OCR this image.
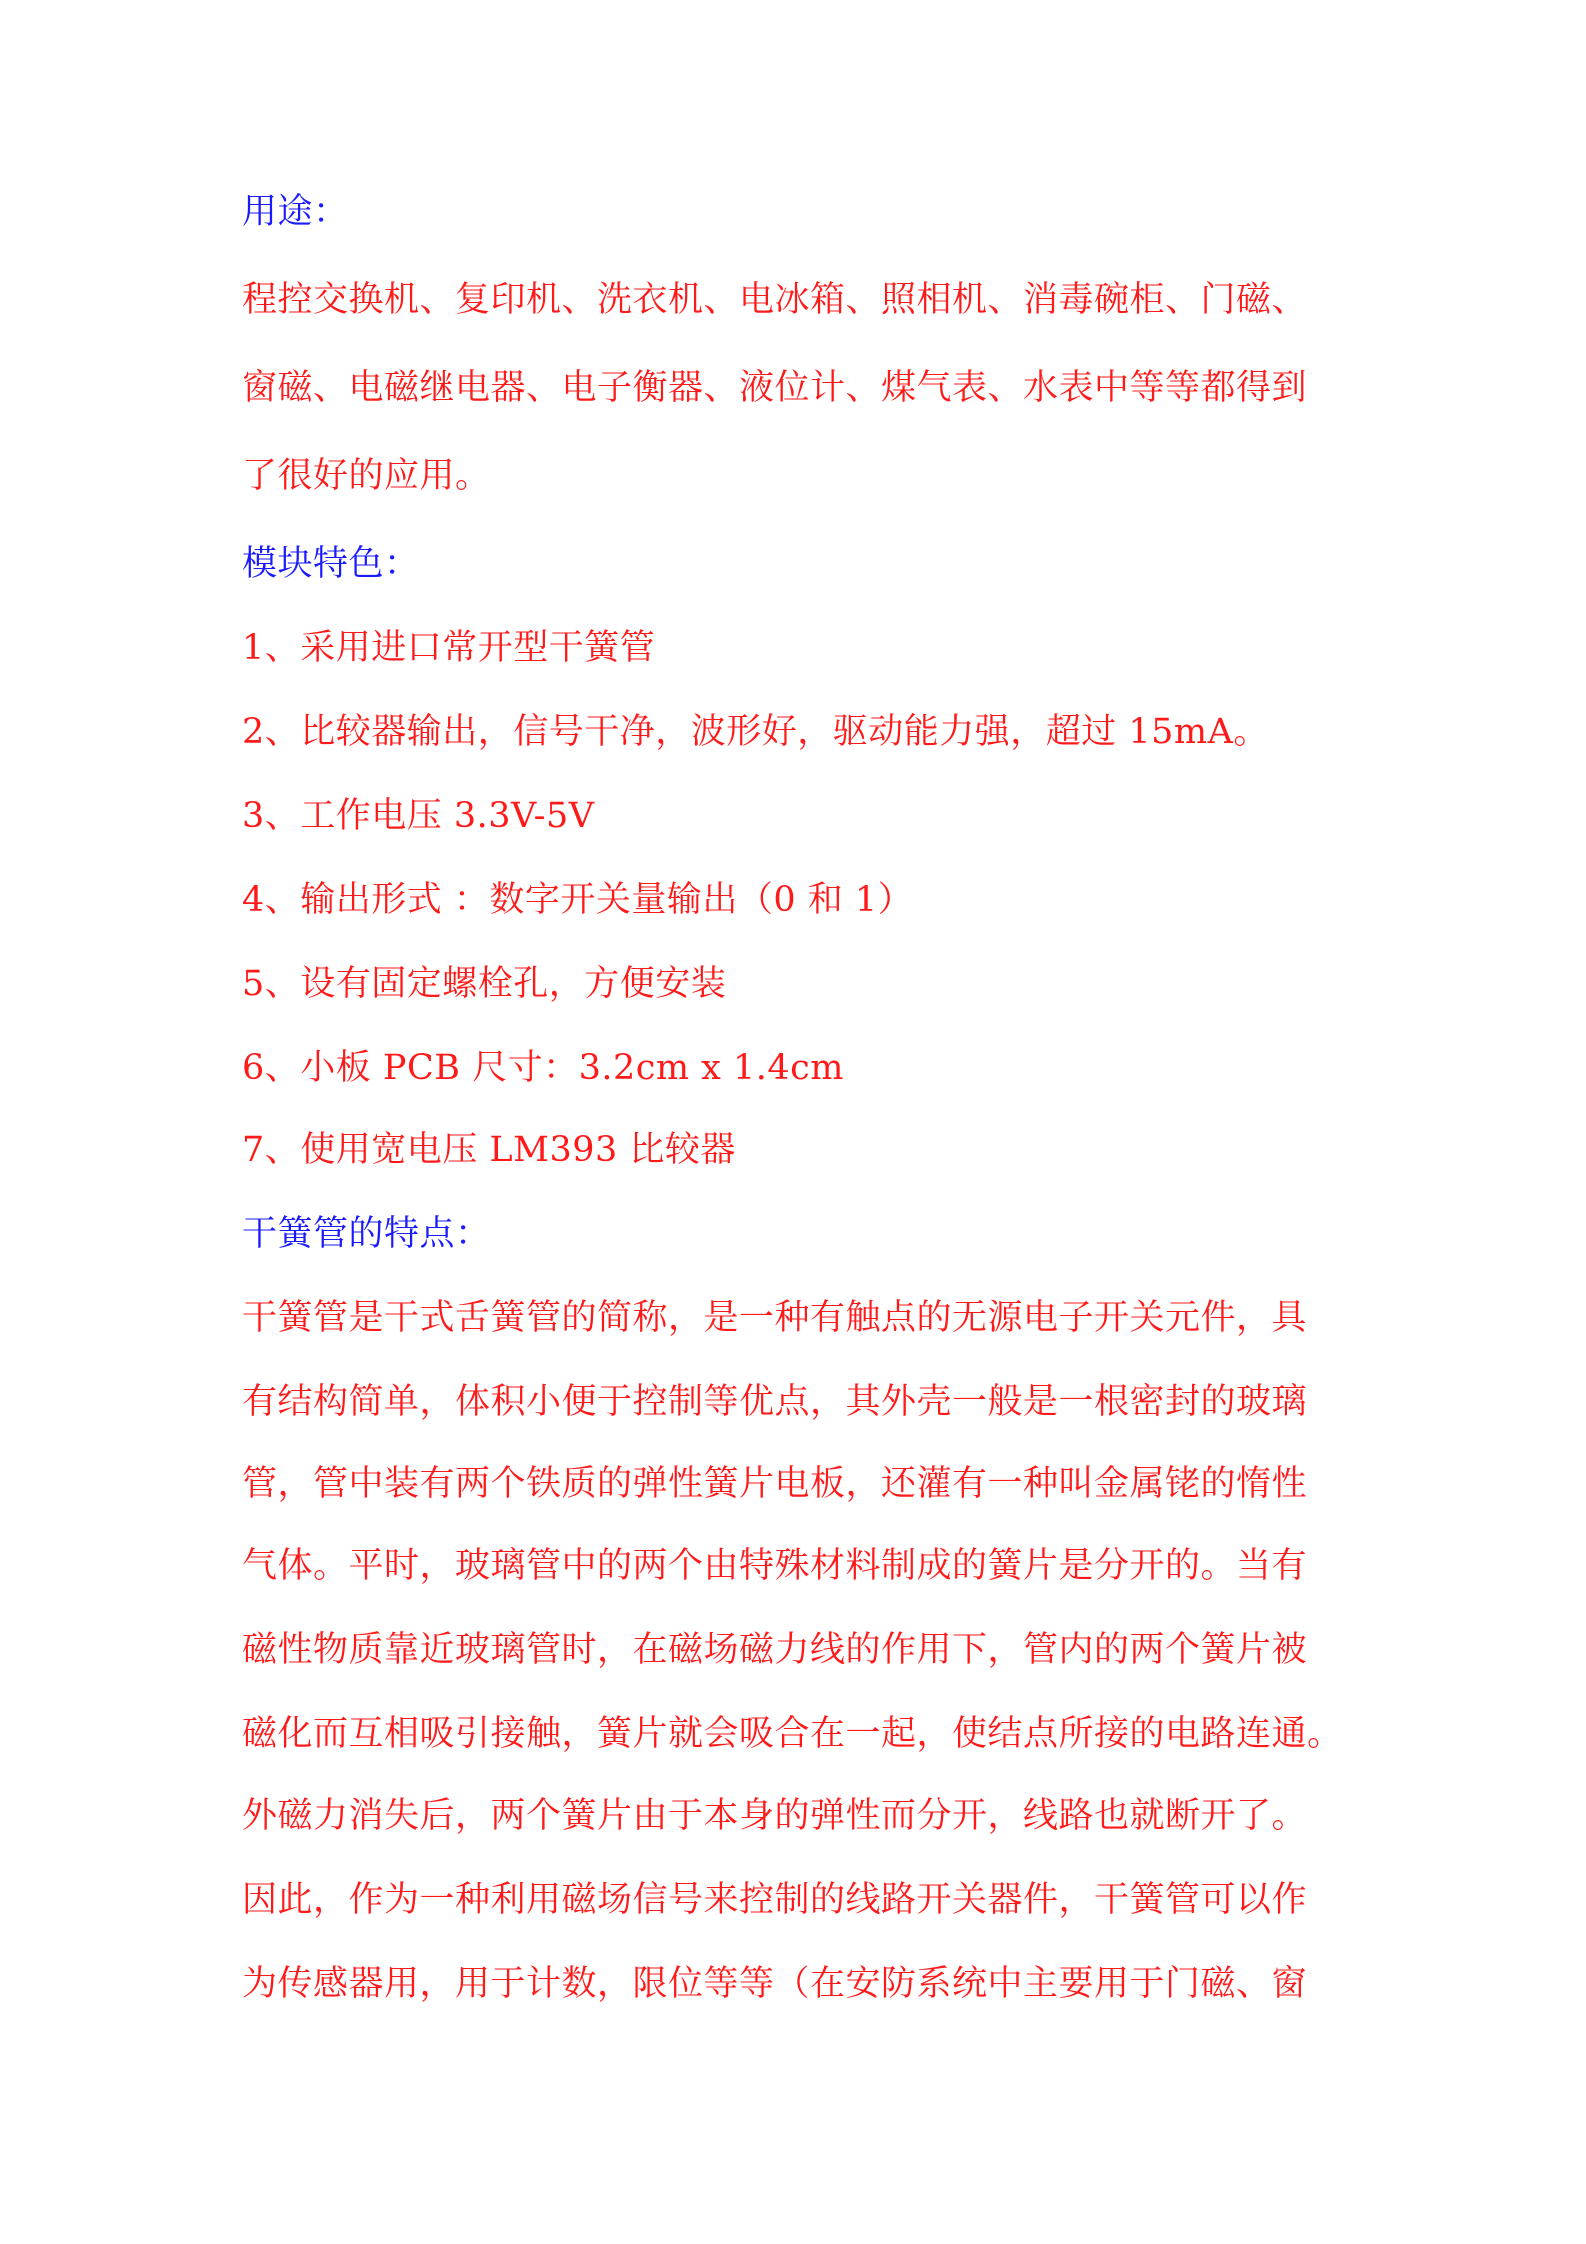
用途：
程控交换机、复印机、洗衣机、电冰箱、照相机、消毒碗柜、门磁、
窗磁、电磁继电器、电子衡器、液位计、煤气表、水表中等等都得到
了很好的应用。
模块特色：
1、采用进口常开型干簧管
2、比较器输出，信号干净，波形好，驱动能力强，超过 15mA。
3、工作电压 3.3V-5V
4、输出形式 ：数字开关量输出（0 和 1）
5、设有固定螺栓孔，方便安装
6、小板 PCB 尺寸：3.2cm x 1.4cm
7、使用宽电压 LM393 比较器
干簧管的特点：
干簧管是干式舌簧管的简称，是一种有触点的无源电子开关元件，具
有结构简单，体积小便于控制等优点，其外壳一般是一根密封的玻璃
管，管中装有两个铁质的弹性簧片电板，还灌有一种叫金属铑的惰性
气体。平时，玻璃管中的两个由特殊材料制成的簧片是分开的。当有
磁性物质靠近玻璃管时，在磁场磁力线的作用下，管内的两个簧片被
磁化而互相吸引接触，簧片就会吸合在一起，使结点所接的电路连通。
外磁力消失后，两个簧片由于本身的弹性而分开，线路也就断开了。
因此，作为一种利用磁场信号来控制的线路开关器件，干簧管可以作
为传感器用，用于计数，限位等等（在安防系统中主要用于门磁、窗
